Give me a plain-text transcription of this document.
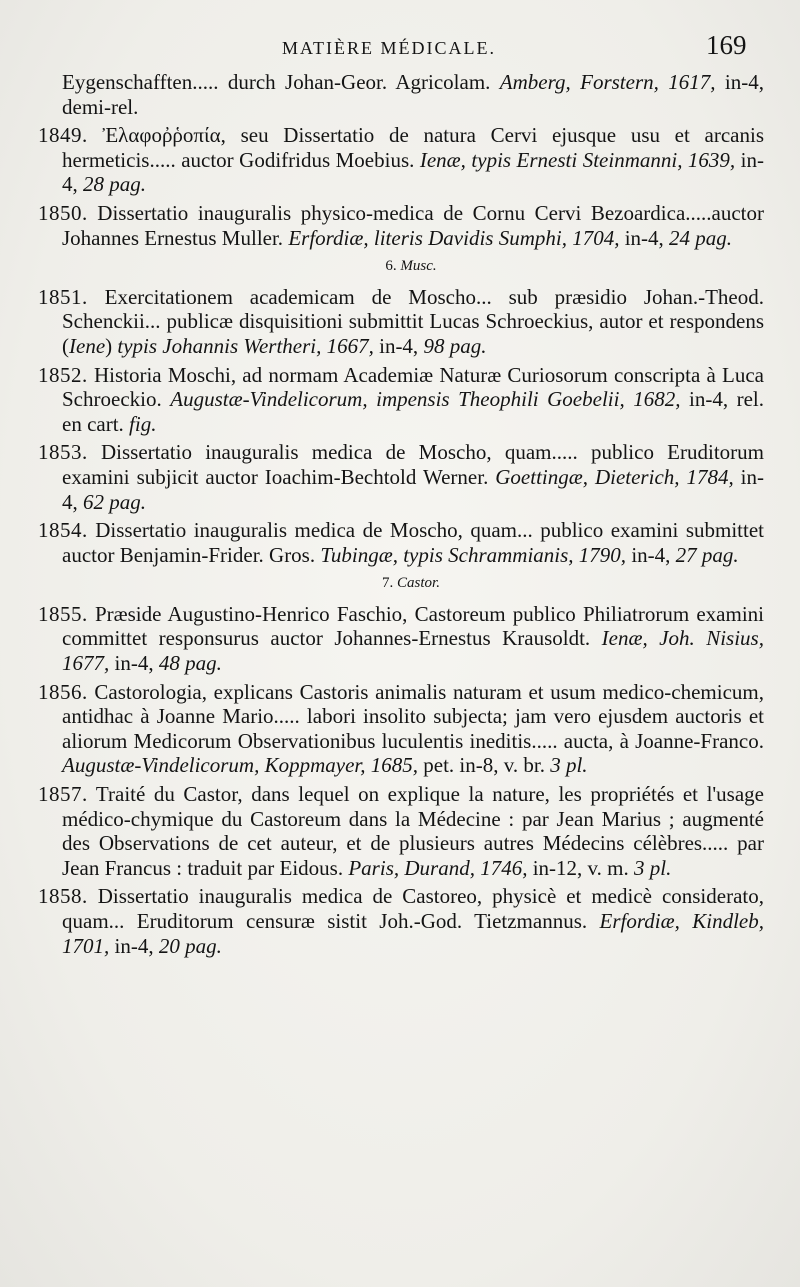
MATIÈRE MÉDICALE.	169

Eygenschafften..... durch Johan-Geor. Agricolam. Amberg, Forstern, 1617, in-4, demi-rel.

1849. Ἐλαφοῤῥοπία, seu Dissertatio de natura Cervi ejusque usu et arcanis hermeticis..... auctor Godifridus Moebius. Ienæ, typis Ernesti Steinmanni, 1639, in-4, 28 pag.

1850. Dissertatio inauguralis physico-medica de Cornu Cervi Bezoardica.....auctor Johannes Ernestus Muller. Erfordiæ, literis Davidis Sumphi, 1704, in-4, 24 pag.

6. Musc.

1851. Exercitationem academicam de Moscho... sub præsidio Johan.-Theod. Schenckii... publicæ disquisitioni submittit Lucas Schroeckius, autor et respondens (Iene) typis Johannis Wertheri, 1667, in-4, 98 pag.

1852. Historia Moschi, ad normam Academiæ Naturæ Curiosorum conscripta à Luca Schroeckio. Augustæ-Vindelicorum, impensis Theophili Goebelii, 1682, in-4, rel. en cart. fig.

1853. Dissertatio inauguralis medica de Moscho, quam..... publico Eruditorum examini subjicit auctor Ioachim-Bechtold Werner. Goettingæ, Dieterich, 1784, in-4, 62 pag.

1854. Dissertatio inauguralis medica de Moscho, quam... publico examini submittet auctor Benjamin-Frider. Gros. Tubingæ, typis Schrammianis, 1790, in-4, 27 pag.

7. Castor.

1855. Præside Augustino-Henrico Faschio, Castoreum publico Philiatrorum examini committet responsurus auctor Johannes-Ernestus Krausoldt. Ienæ, Joh. Nisius, 1677, in-4, 48 pag.

1856. Castorologia, explicans Castoris animalis naturam et usum medico-chemicum, antidhac à Joanne Mario..... labori insolito subjecta; jam vero ejusdem auctoris et aliorum Medicorum Observationibus luculentis ineditis..... aucta, à Joanne-Franco. Augustæ-Vindelicorum, Koppmayer, 1685, pet. in-8, v. br. 3 pl.

1857. Traité du Castor, dans lequel on explique la nature, les propriétés et l'usage médico-chymique du Castoreum dans la Médecine : par Jean Marius ; augmenté des Observations de cet auteur, et de plusieurs autres Médecins célèbres..... par Jean Francus : traduit par Eidous. Paris, Durand, 1746, in-12, v. m. 3 pl.

1858. Dissertatio inauguralis medica de Castoreo, physicè et medicè considerato, quam... Eruditorum censuræ sistit Joh.-God. Tietzmannus. Erfordiæ, Kindleb, 1701, in-4, 20 pag.
